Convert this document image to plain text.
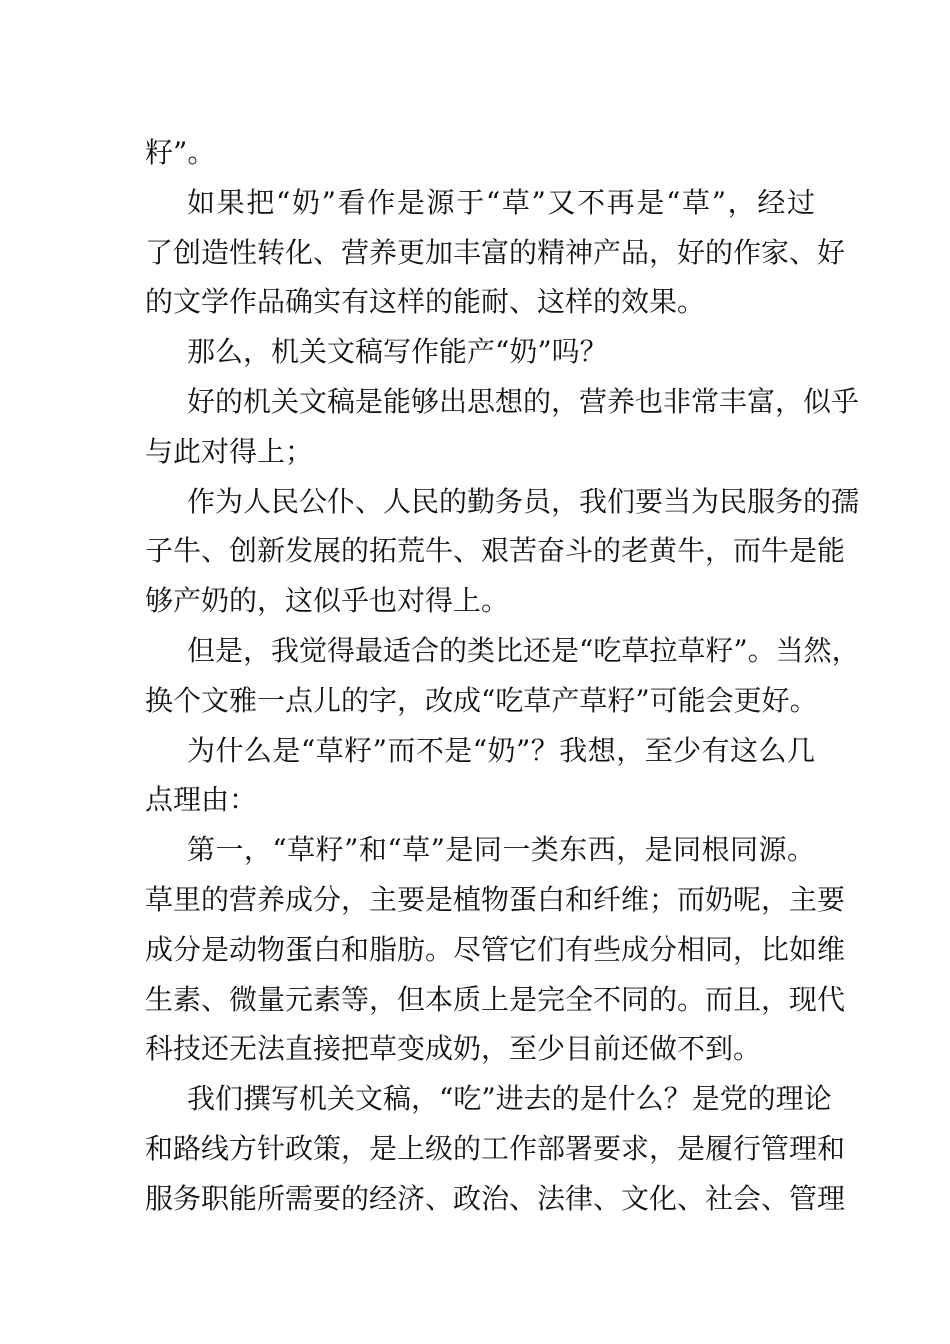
籽”。
如果把“奶”看作是源于“草”又不再是“草”，经过
了创造性转化、营养更加丰富的精神产品，好的作家、好
的文学作品确实有这样的能耐、这样的效果。
那么，机关文稿写作能产“奶”吗？
好的机关文稿是能够出思想的，营养也非常丰富，似乎
与此对得上；
作为人民公仆、人民的勤务员，我们要当为民服务的孺
子牛、创新发展的拓荒牛、艰苦奋斗的老黄牛，而牛是能
够产奶的，这似乎也对得上。
但是，我觉得最适合的类比还是“吃草拉草籽”。当然，
换个文雅一点儿的字，改成“吃草产草籽”可能会更好。
为什么是“草籽”而不是“奶”？我想，至少有这么几
点理由：
第一，“草籽”和“草”是同一类东西，是同根同源。
草里的营养成分，主要是植物蛋白和纤维；而奶呢，主要
成分是动物蛋白和脂肪。尽管它们有些成分相同，比如维
生素、微量元素等，但本质上是完全不同的。而且，现代
科技还无法直接把草变成奶，至少目前还做不到。
我们撰写机关文稿，“吃”进去的是什么？是党的理论
和路线方针政策，是上级的工作部署要求，是履行管理和
服务职能所需要的经济、政治、法律、文化、社会、管理
